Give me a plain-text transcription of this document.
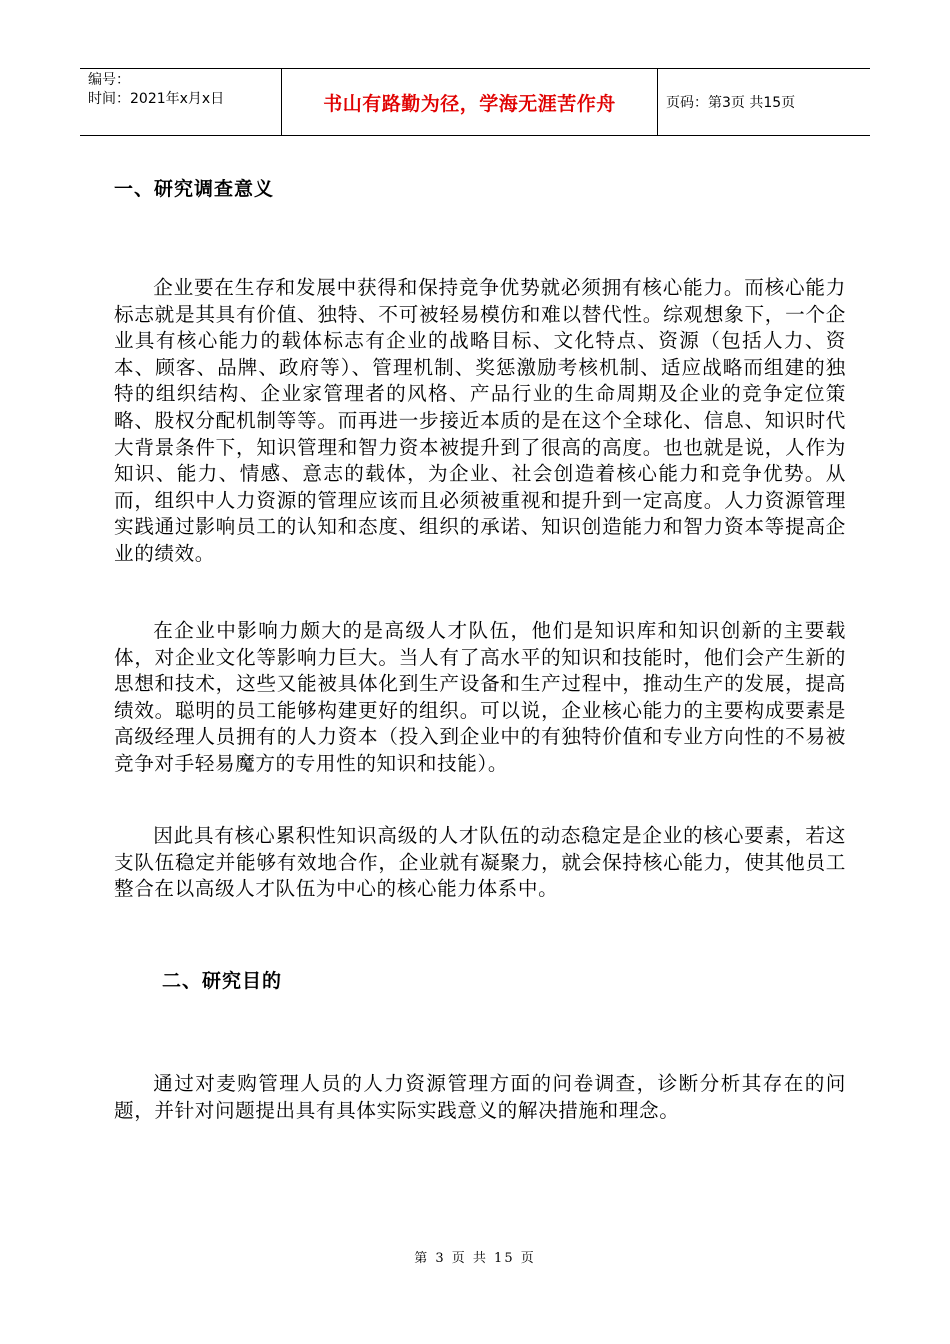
编号：
时间：2021年x月x日	书山有路勤为径，学海无涯苦作舟	页码：第3页 共15页
一、研究调查意义

企业要在生存和发展中获得和保持竞争优势就必须拥有核心能力。而核心能力标志就是其具有价值、独特、不可被轻易模仿和难以替代性。综观想象下，一个企业具有核心能力的载体标志有企业的战略目标、文化特点、资源（包括人力、资本、顾客、品牌、政府等）、管理机制、奖惩激励考核机制、适应战略而组建的独特的组织结构、企业家管理者的风格、产品行业的生命周期及企业的竞争定位策略、股权分配机制等等。而再进一步接近本质的是在这个全球化、信息、知识时代大背景条件下，知识管理和智力资本被提升到了很高的高度。也也就是说，人作为知识、能力、情感、意志的载体，为企业、社会创造着核心能力和竞争优势。从而，组织中人力资源的管理应该而且必须被重视和提升到一定高度。人力资源管理实践通过影响员工的认知和态度、组织的承诺、知识创造能力和智力资本等提高企业的绩效。

在企业中影响力颇大的是高级人才队伍，他们是知识库和知识创新的主要载体，对企业文化等影响力巨大。当人有了高水平的知识和技能时，他们会产生新的思想和技术，这些又能被具体化到生产设备和生产过程中，推动生产的发展，提高绩效。聪明的员工能够构建更好的组织。可以说，企业核心能力的主要构成要素是高级经理人员拥有的人力资本（投入到企业中的有独特价值和专业方向性的不易被竞争对手轻易魔方的专用性的知识和技能）。

因此具有核心累积性知识高级的人才队伍的动态稳定是企业的核心要素，若这支队伍稳定并能够有效地合作，企业就有凝聚力，就会保持核心能力，使其他员工整合在以高级人才队伍为中心的核心能力体系中。

二、研究目的

通过对麦购管理人员的人力资源管理方面的问卷调查，诊断分析其存在的问题，并针对问题提出具有具体实际实践意义的解决措施和理念。

第 3 页 共 15 页
